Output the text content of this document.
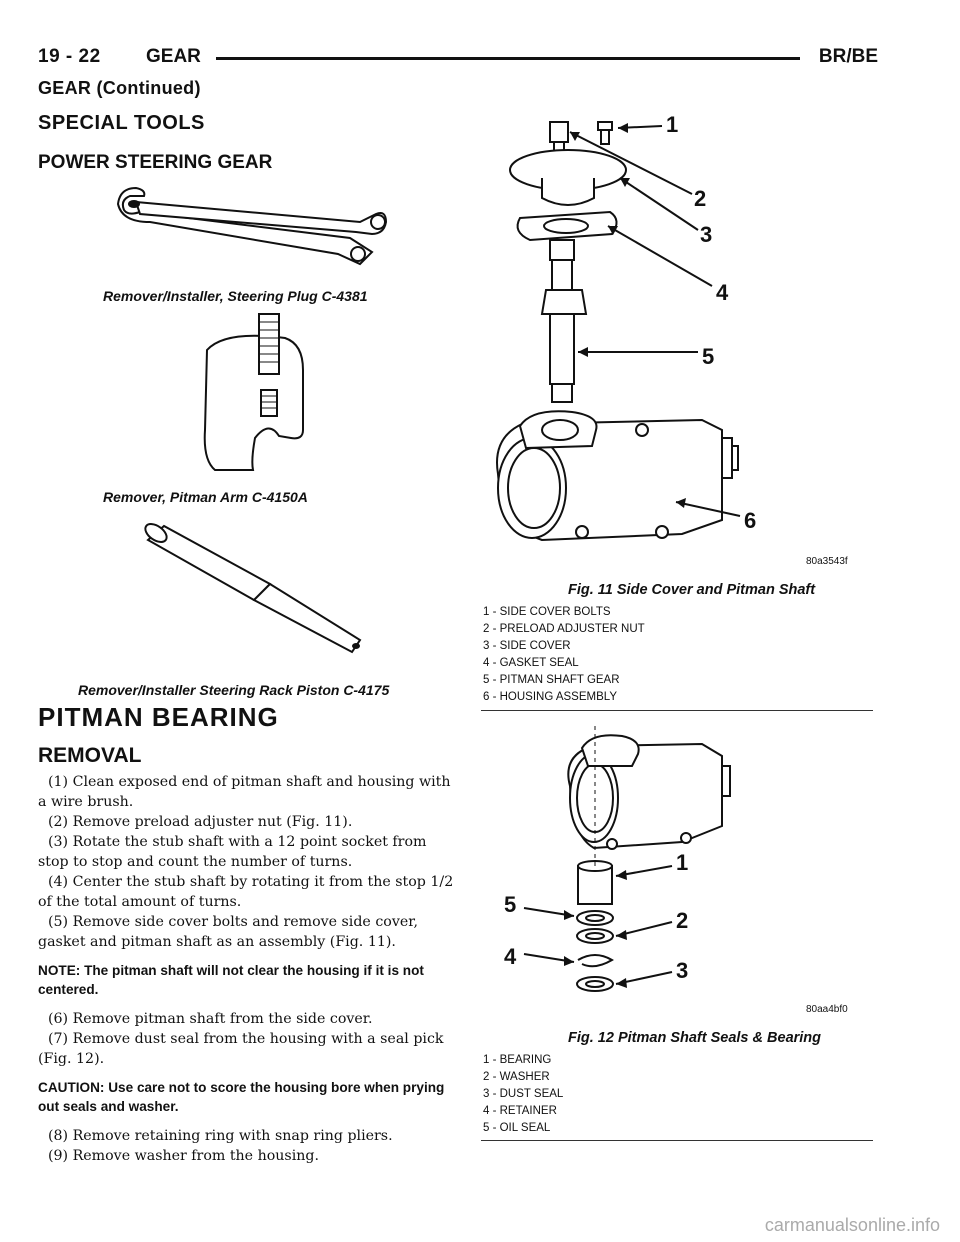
19 - 22 GEAR	BR/BE
GEAR (Continued)
SPECIAL TOOLS
POWER STEERING GEAR
Remover/Installer, Steering Plug C-4381
Remover, Pitman Arm C-4150A
Remover/Installer Steering Rack Piston C-4175
PITMAN BEARING
REMOVAL

(1) Clean exposed end of pitman shaft and housing with a wire brush.

(2) Remove preload adjuster nut (Fig. 11).

(3) Rotate the stub shaft with a 12 point socket from stop to stop and count the number of turns.

(4) Center the stub shaft by rotating it from the stop 1/2 of the total amount of turns.

(5) Remove side cover bolts and remove side cover, gasket and pitman shaft as an assembly (Fig. 11).

NOTE: The pitman shaft will not clear the housing if it is not centered.

(6) Remove pitman shaft from the side cover.

(7) Remove dust seal from the housing with a seal pick (Fig. 12).

CAUTION: Use care not to score the housing bore when prying out seals and washer.

(8) Remove retaining ring with snap ring pliers.

(9) Remove washer from the housing.

1
2
3
4
5
6
80a3543f
Fig. 11 Side Cover and Pitman Shaft
1 - SIDE COVER BOLTS
2 - PRELOAD ADJUSTER NUT
3 - SIDE COVER
4 - GASKET SEAL
5 - PITMAN SHAFT GEAR
6 - HOUSING ASSEMBLY
1
2
3
4
5
80aa4bf0
Fig. 12 Pitman Shaft Seals & Bearing
1 - BEARING
2 - WASHER
3 - DUST SEAL
4 - RETAINER
5 - OIL SEAL
carmanualsonline.info
